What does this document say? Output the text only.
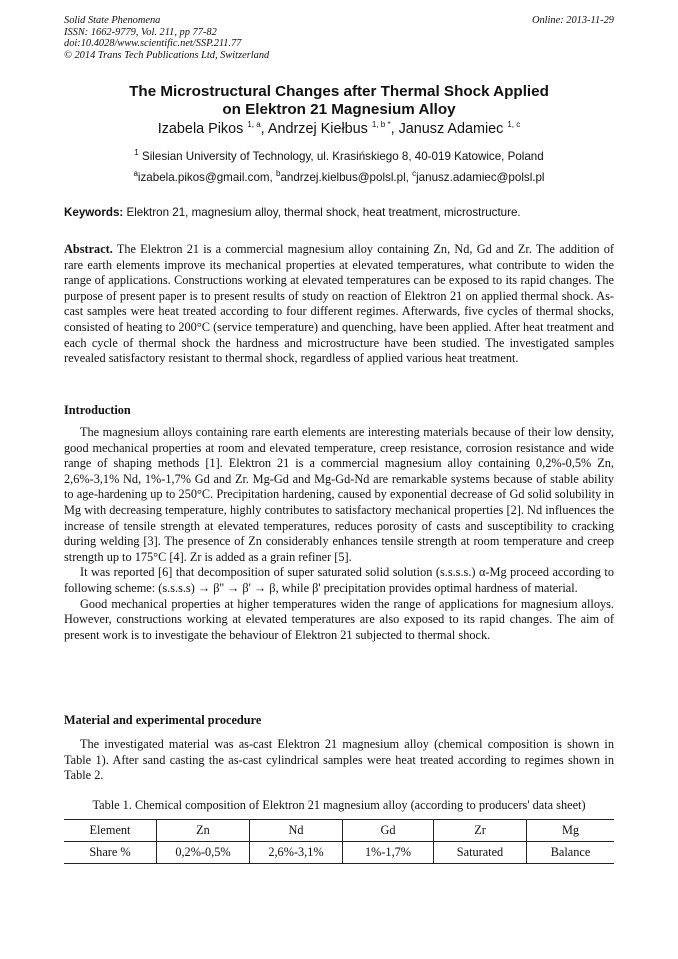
Solid State Phenomena
ISSN: 1662-9779, Vol. 211, pp 77-82
doi:10.4028/www.scientific.net/SSP.211.77
© 2014 Trans Tech Publications Ltd, Switzerland
Online: 2013-11-29
The Microstructural Changes after Thermal Shock Applied
on Elektron 21 Magnesium Alloy
Izabela Pikos $^{1, a}$, Andrzej Kiełbus $^{1, b *}$, Janusz Adamiec $^{1, c}$
$^1$ Silesian University of Technology, ul. Krasińskiego 8, 40-019 Katowice, Poland
$^a$izabela.pikos@gmail.com, $^b$andrzej.kielbus@polsl.pl, $^c$janusz.adamiec@polsl.pl
Keywords: Elektron 21, magnesium alloy, thermal shock, heat treatment, microstructure.
Abstract. The Elektron 21 is a commercial magnesium alloy containing Zn, Nd, Gd and Zr. The addition of rare earth elements improve its mechanical properties at elevated temperatures, what contribute to widen the range of applications. Constructions working at elevated temperatures can be exposed to its rapid changes. The purpose of present paper is to present results of study on reaction of Elektron 21 on applied thermal shock. As-cast samples were heat treated according to four different regimes. Afterwards, five cycles of thermal shocks, consisted of heating to 200°C (service temperature) and quenching, have been applied. After heat treatment and each cycle of thermal shock the hardness and microstructure have been studied. The investigated samples revealed satisfactory resistant to thermal shock, regardless of applied various heat treatment.
Introduction

The magnesium alloys containing rare earth elements are interesting materials because of their low density, good mechanical properties at room and elevated temperature, creep resistance, corrosion resistance and wide range of shaping methods [1]. Elektron 21 is a commercial magnesium alloy containing 0,2%-0,5% Zn, 2,6%-3,1% Nd, 1%-1,7% Gd and Zr. Mg-Gd and Mg-Gd-Nd are remarkable systems because of stable ability to age-hardening up to 250°C. Precipitation hardening, caused by exponential decrease of Gd solid solubility in Mg with decreasing temperature, highly contributes to satisfactory mechanical properties [2]. Nd influences the increase of tensile strength at elevated temperatures, reduces porosity of casts and susceptibility to cracking during welding [3]. The presence of Zn considerably enhances tensile strength at room temperature and creep strength up to 175°C [4]. Zr is added as a grain refiner [5].

It was reported [6] that decomposition of super saturated solid solution (s.s.s.s.) α-Mg proceed according to following scheme: (s.s.s.s) → β'' → β' → β, while β' precipitation provides optimal hardness of material.

Good mechanical properties at higher temperatures widen the range of applications for magnesium alloys. However, constructions working at elevated temperatures are also exposed to its rapid changes. The aim of present work is to investigate the behaviour of Elektron 21 subjected to thermal shock.

Material and experimental procedure

The investigated material was as-cast Elektron 21 magnesium alloy (chemical composition is shown in Table 1). After sand casting the as-cast cylindrical samples were heat treated according to regimes shown in Table 2.

Table 1. Chemical composition of Elektron 21 magnesium alloy (according to producers' data sheet)
Element	Zn	Nd	Gd	Zr	Mg
Share %	0,2%-0,5%	2,6%-3,1%	1%-1,7%	Saturated	Balance
